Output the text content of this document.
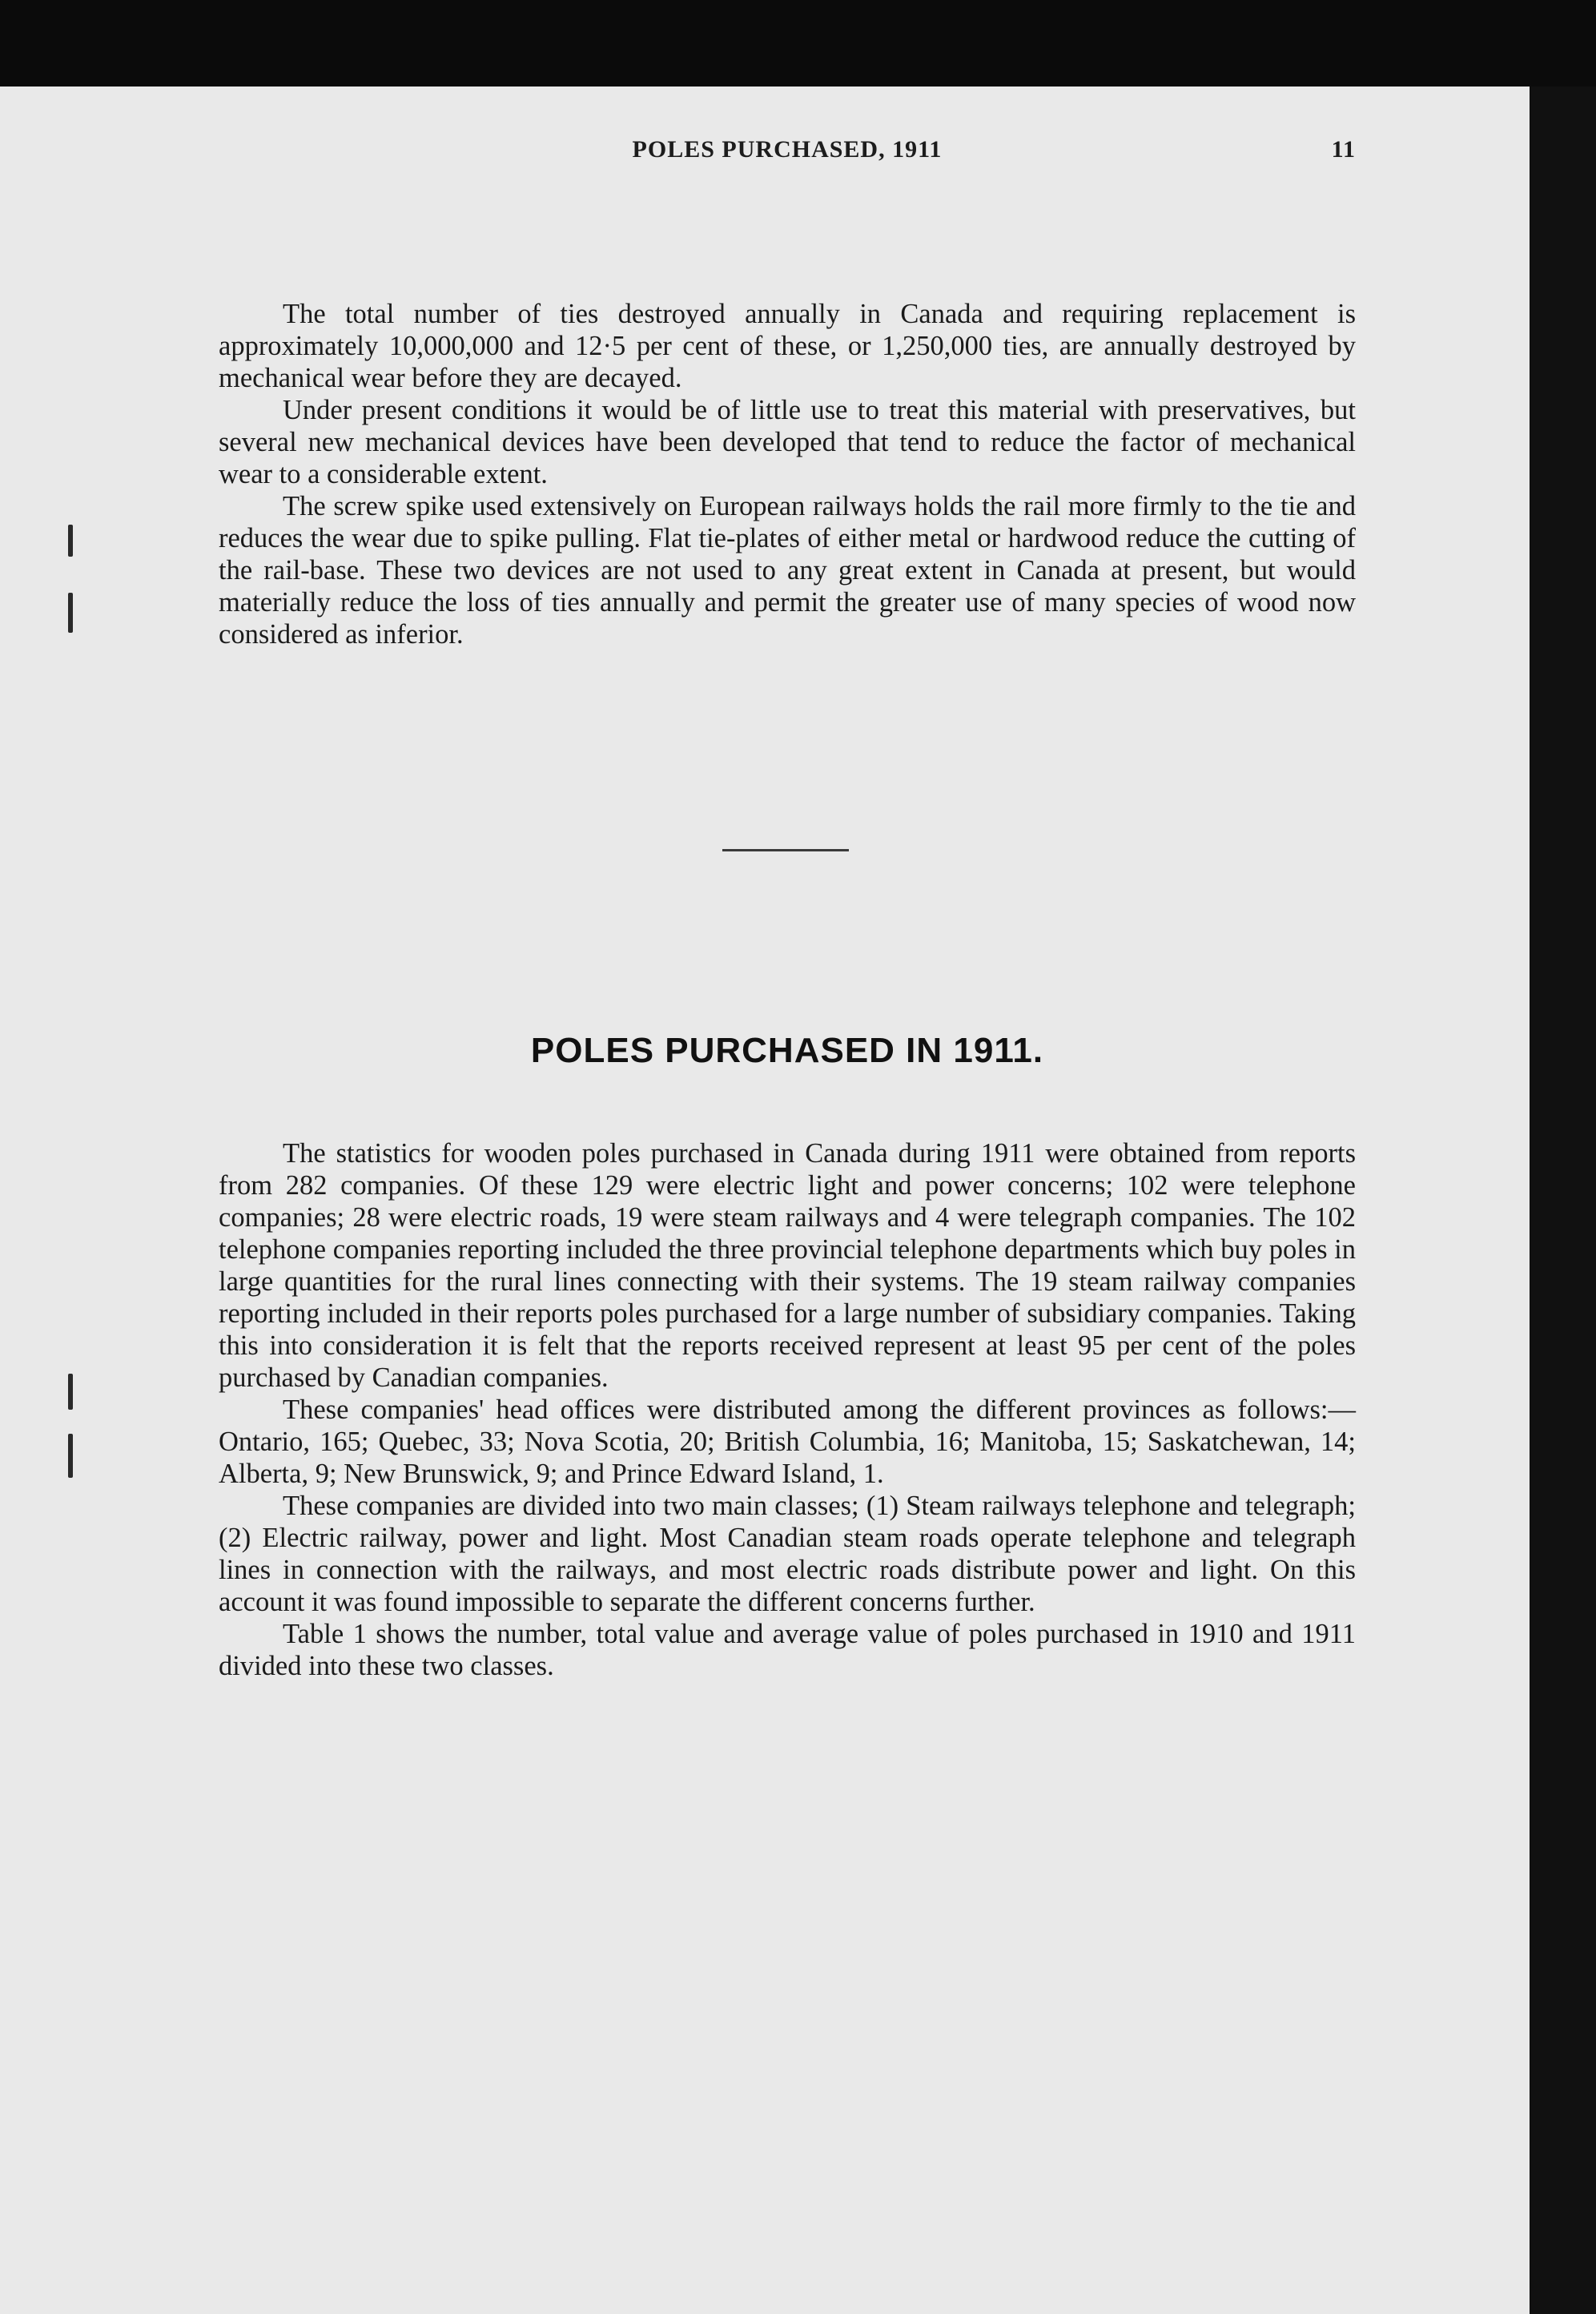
POLES PURCHASED, 1911	11

The total number of ties destroyed annually in Canada and requiring replacement is approximately 10,000,000 and 12·5 per cent of these, or 1,250,000 ties, are annually destroyed by mechanical wear before they are decayed.

Under present conditions it would be of little use to treat this material with preservatives, but several new mechanical devices have been developed that tend to reduce the factor of mechanical wear to a considerable extent.

The screw spike used extensively on European railways holds the rail more firmly to the tie and reduces the wear due to spike pulling. Flat tie-plates of either metal or hardwood reduce the cutting of the rail-base. These two devices are not used to any great extent in Canada at present, but would materially reduce the loss of ties annually and permit the greater use of many species of wood now considered as inferior.

POLES PURCHASED IN 1911.

The statistics for wooden poles purchased in Canada during 1911 were obtained from reports from 282 companies. Of these 129 were electric light and power concerns; 102 were telephone companies; 28 were electric roads, 19 were steam railways and 4 were telegraph companies. The 102 telephone companies reporting included the three provincial telephone departments which buy poles in large quantities for the rural lines connecting with their systems. The 19 steam railway companies reporting included in their reports poles purchased for a large number of subsidiary companies. Taking this into consideration it is felt that the reports received represent at least 95 per cent of the poles purchased by Canadian companies.

These companies' head offices were distributed among the different provinces as follows:—Ontario, 165; Quebec, 33; Nova Scotia, 20; British Columbia, 16; Manitoba, 15; Saskatchewan, 14; Alberta, 9; New Brunswick, 9; and Prince Edward Island, 1.

These companies are divided into two main classes; (1) Steam railways telephone and telegraph; (2) Electric railway, power and light. Most Canadian steam roads operate telephone and telegraph lines in connection with the railways, and most electric roads distribute power and light. On this account it was found impossible to separate the different concerns further.

Table 1 shows the number, total value and average value of poles purchased in 1910 and 1911 divided into these two classes.
